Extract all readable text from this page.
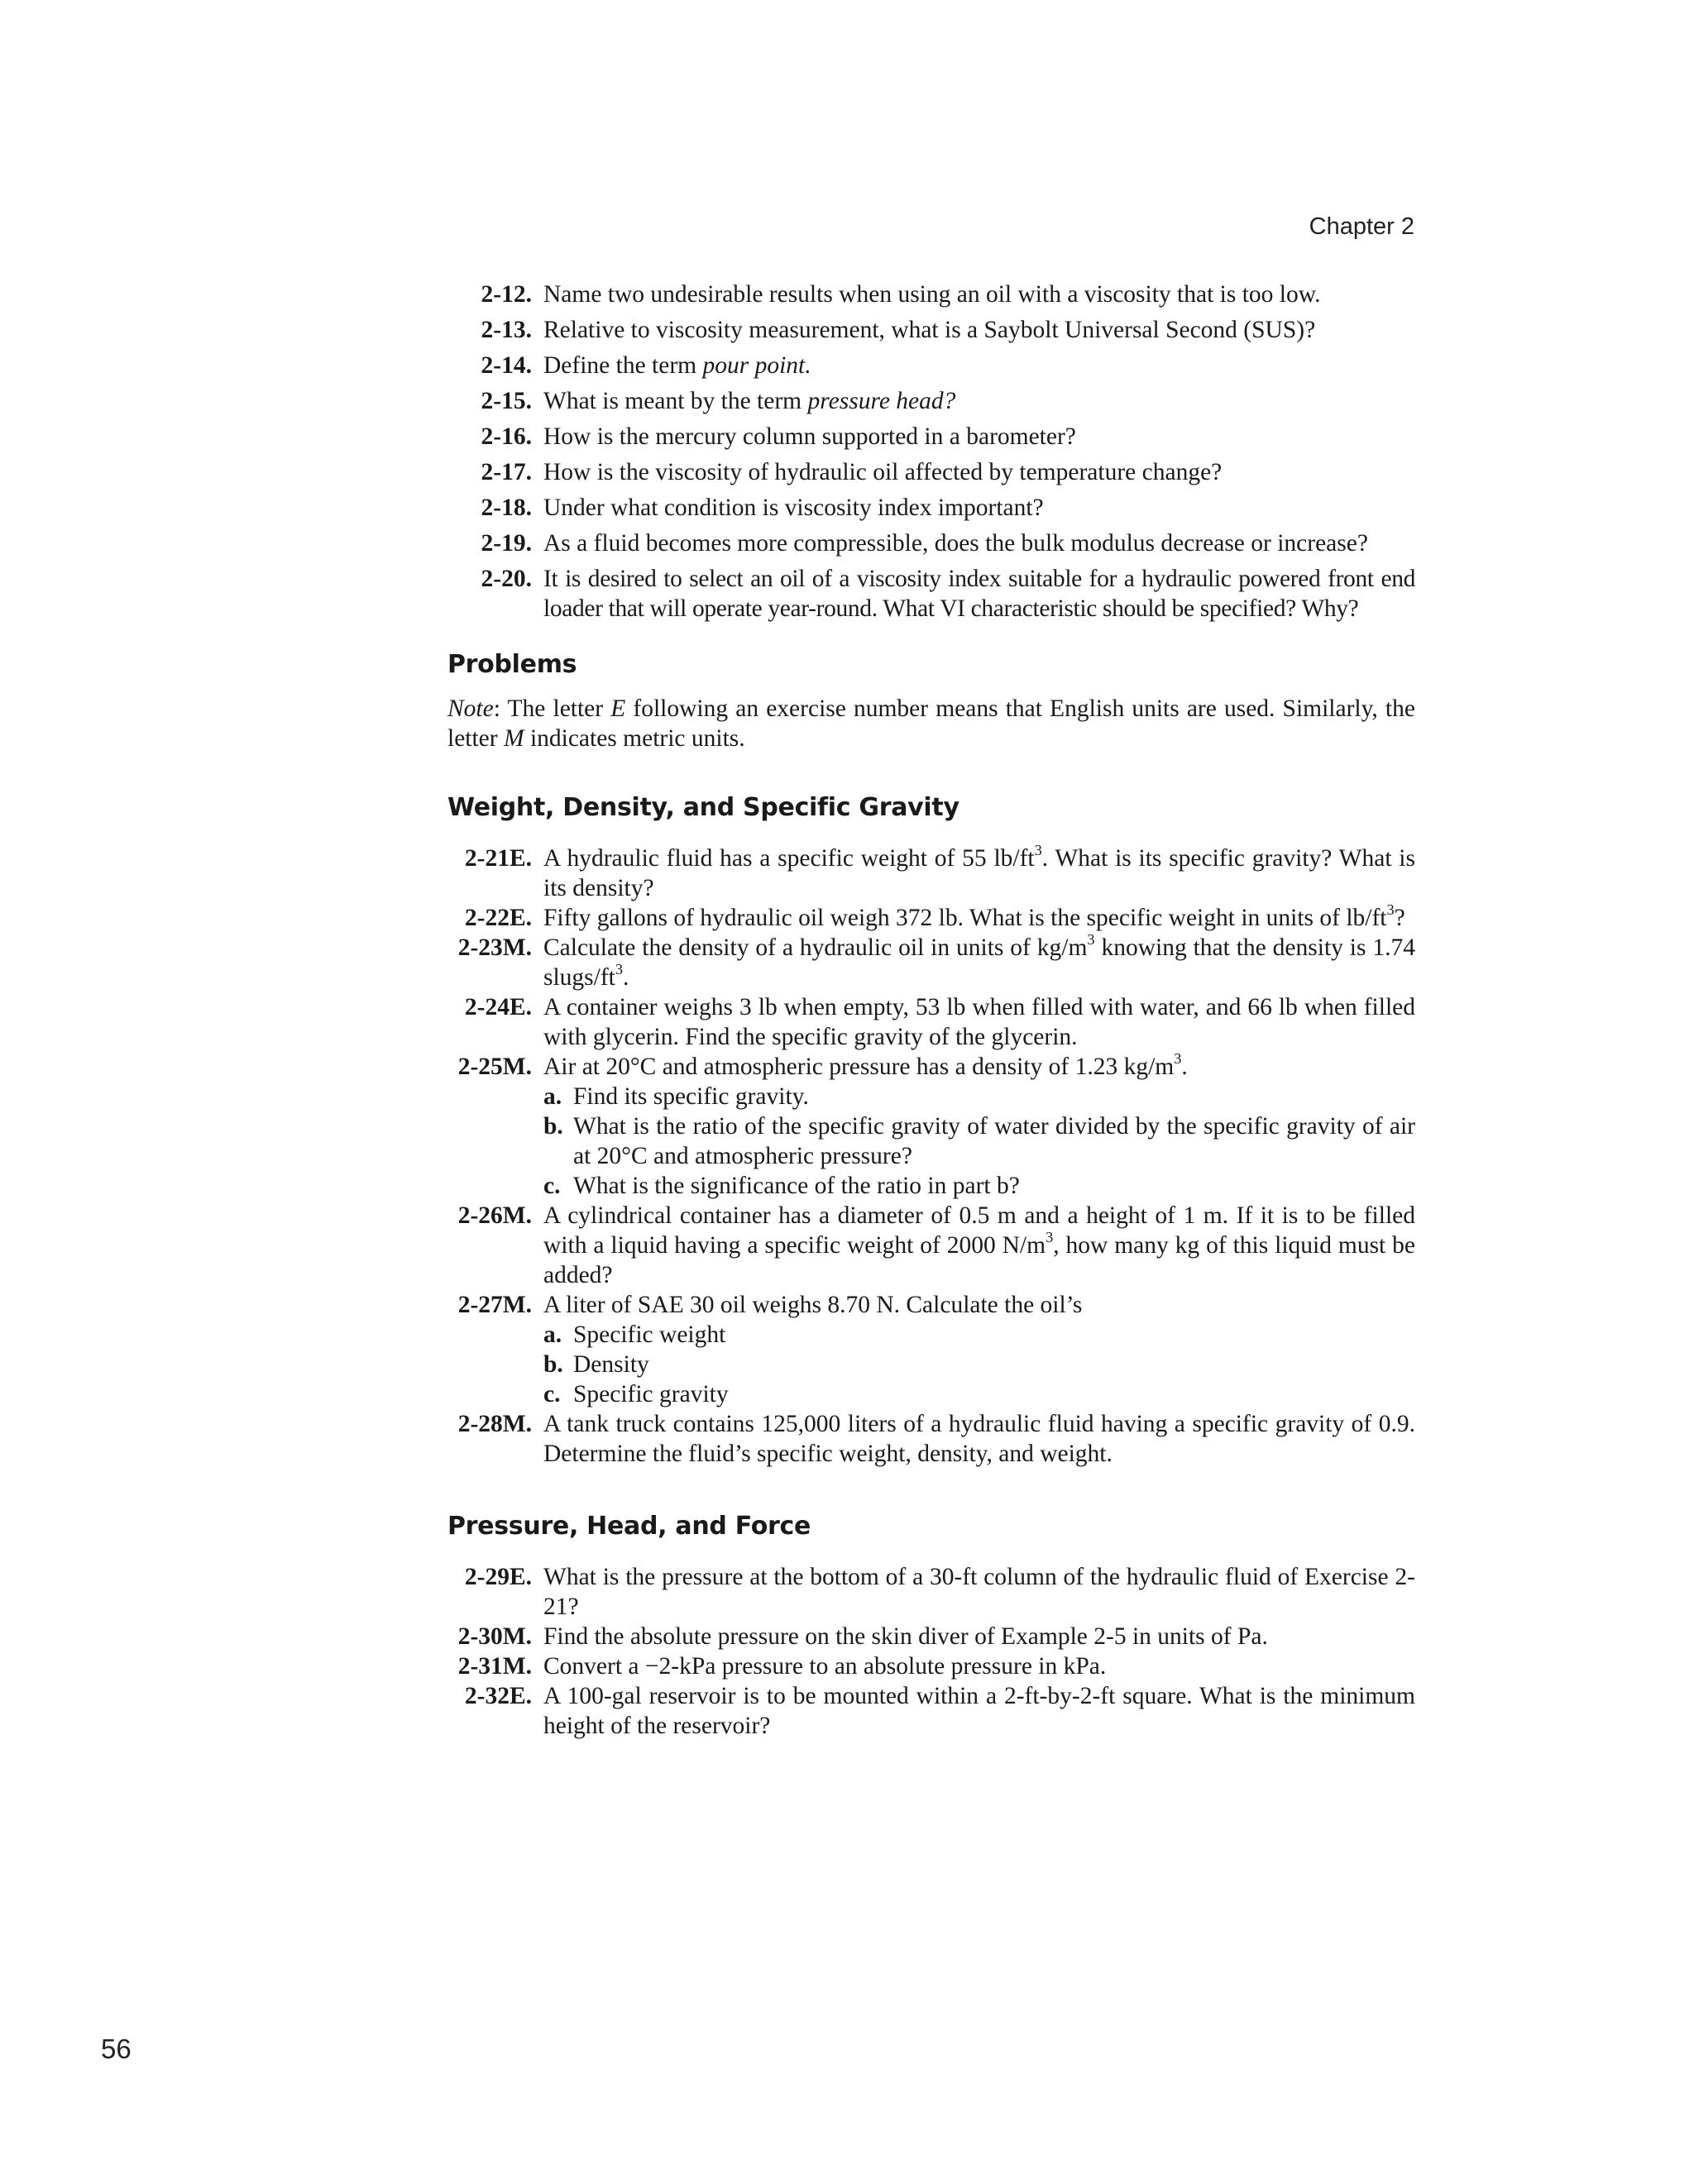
Chapter 2
2-12. Name two undesirable results when using an oil with a viscosity that is too low.
2-13. Relative to viscosity measurement, what is a Saybolt Universal Second (SUS)?
2-14. Define the term pour point.
2-15. What is meant by the term pressure head?
2-16. How is the mercury column supported in a barometer?
2-17. How is the viscosity of hydraulic oil affected by temperature change?
2-18. Under what condition is viscosity index important?
2-19. As a fluid becomes more compressible, does the bulk modulus decrease or increase?
2-20. It is desired to select an oil of a viscosity index suitable for a hydraulic powered front end loader that will operate year-round. What VI characteristic should be specified? Why?
Problems
Note: The letter E following an exercise number means that English units are used. Similarly, the letter M indicates metric units.
Weight, Density, and Specific Gravity
2-21E. A hydraulic fluid has a specific weight of 55 $lb/ft^3$. What is its specific gravity? What is its density?
2-22E. Fifty gallons of hydraulic oil weigh 372 lb. What is the specific weight in units of $lb/ft^3$?
2-23M. Calculate the density of a hydraulic oil in units of $kg/m^3$ knowing that the density is 1.74 slugs/$ft^3$.
2-24E. A container weighs 3 lb when empty, 53 lb when filled with water, and 66 lb when filled with glycerin. Find the specific gravity of the glycerin.
2-25M. Air at 20°C and atmospheric pressure has a density of 1.23 $kg/m^3$.
a. Find its specific gravity.
b. What is the ratio of the specific gravity of water divided by the specific gravity of air at 20°C and atmospheric pressure?
c. What is the significance of the ratio in part b?
2-26M. A cylindrical container has a diameter of 0.5 m and a height of 1 m. If it is to be filled with a liquid having a specific weight of 2000 $N/m^3$, how many kg of this liquid must be added?
2-27M. A liter of SAE 30 oil weighs 8.70 N. Calculate the oil’s
a. Specific weight
b. Density
c. Specific gravity
2-28M. A tank truck contains 125,000 liters of a hydraulic fluid having a specific gravity of 0.9. Determine the fluid’s specific weight, density, and weight.
Pressure, Head, and Force
2-29E. What is the pressure at the bottom of a 30-ft column of the hydraulic fluid of Exercise 2-21?
2-30M. Find the absolute pressure on the skin diver of Example 2-5 in units of Pa.
2-31M. Convert a −2-kPa pressure to an absolute pressure in kPa.
2-32E. A 100-gal reservoir is to be mounted within a 2-ft-by-2-ft square. What is the minimum height of the reservoir?
56
